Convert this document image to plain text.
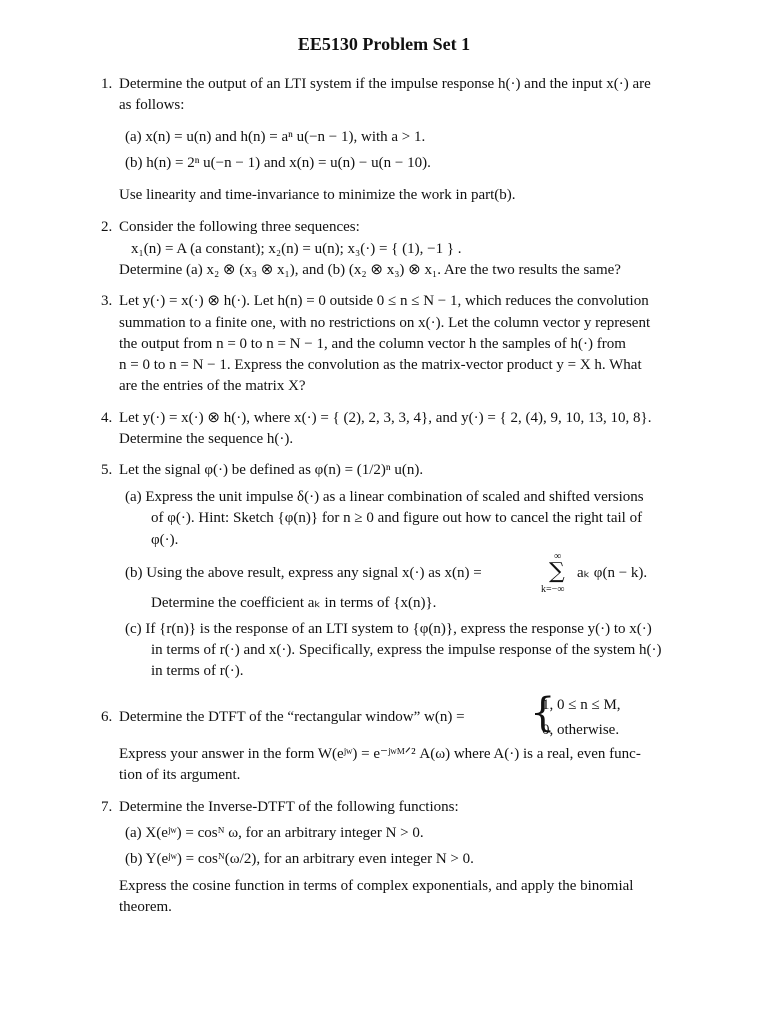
EE5130 Problem Set 1
1. Determine the output of an LTI system if the impulse response h(·) and the input x(·) are
as follows:
(a) x(n) = u(n) and h(n) = aⁿ u(−n − 1), with a > 1.
(b) h(n) = 2ⁿ u(−n − 1) and x(n) = u(n) − u(n − 10).
Use linearity and time-invariance to minimize the work in part(b).
2. Consider the following three sequences:
x₁(n) = A (a constant); x₂(n) = u(n); x₃(·) = { (1), −1 } .
Determine (a) x₂ ⊗ (x₃ ⊗ x₁), and (b) (x₂ ⊗ x₃) ⊗ x₁. Are the two results the same?
3. Let y(·) = x(·) ⊗ h(·). Let h(n) = 0 outside 0 ≤ n ≤ N − 1, which reduces the convolution
summation to a finite one, with no restrictions on x(·). Let the column vector y represent
the output from n = 0 to n = N − 1, and the column vector h the samples of h(·) from
n = 0 to n = N − 1. Express the convolution as the matrix-vector product y = X h. What
are the entries of the matrix X?
4. Let y(·) = x(·) ⊗ h(·), where x(·) = { (2), 2, 3, 3, 4}, and y(·) = { 2, (4), 9, 10, 13, 10, 8}.
Determine the sequence h(·).
5. Let the signal φ(·) be defined as φ(n) = (1/2)ⁿ u(n).
(a) Express the unit impulse δ(·) as a linear combination of scaled and shifted versions
of φ(·). Hint: Sketch {φ(n)} for n ≥ 0 and figure out how to cancel the right tail of
φ(·).
(b) Using the above result, express any signal x(·) as x(n) =
∞
∑
k=−∞
aₖ φ(n − k).
Determine the coefficient aₖ in terms of {x(n)}.
(c) If {r(n)} is the response of an LTI system to {φ(n)}, express the response y(·) to x(·)
in terms of r(·) and x(·). Specifically, express the impulse response of the system h(·)
in terms of r(·).
6. Determine the DTFT of the “rectangular window” w(n) = {
1, 0 ≤ n ≤ M,
0, otherwise.
Express your answer in the form W(eʲʷ) = e⁻ʲʷᴹᐟ² A(ω) where A(·) is a real, even func-
tion of its argument.
7. Determine the Inverse-DTFT of the following functions:
(a) X(eʲʷ) = cosᴺ ω, for an arbitrary integer N > 0.
(b) Y(eʲʷ) = cosᴺ(ω/2), for an arbitrary even integer N > 0.
Express the cosine function in terms of complex exponentials, and apply the binomial
theorem.
